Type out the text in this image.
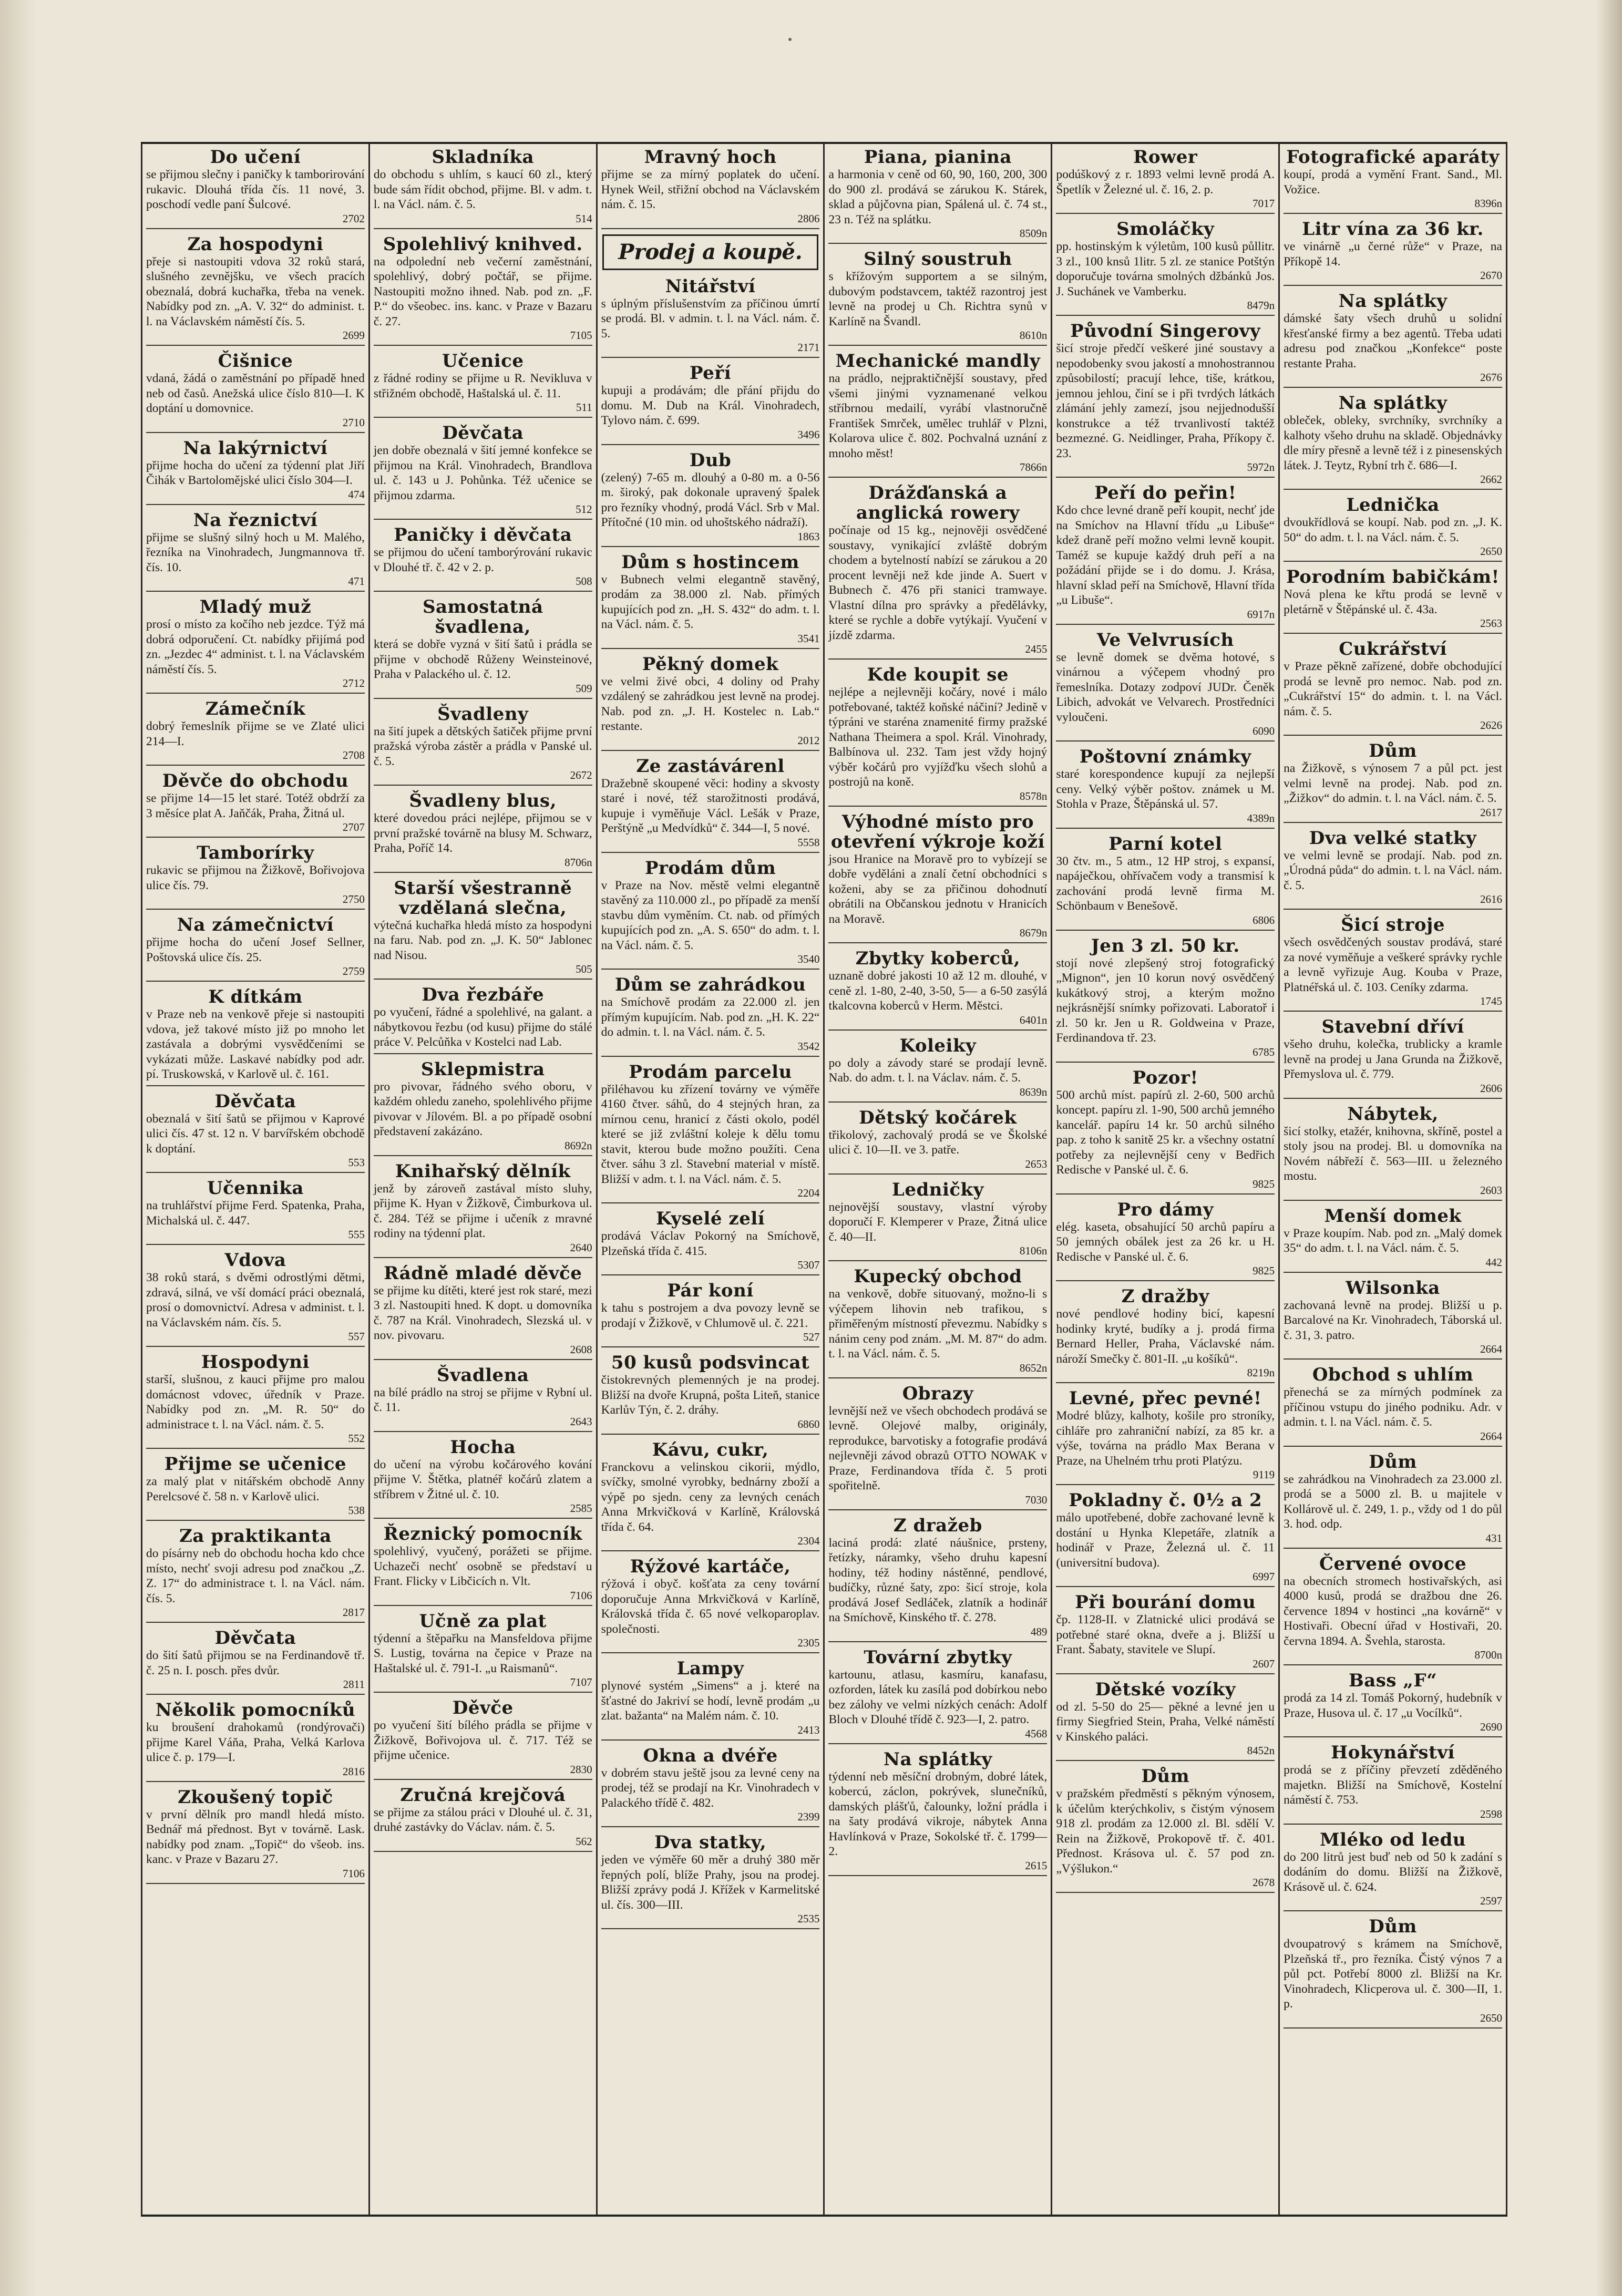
Do učení

se přijmou slečny i paničky k tamborirování rukavic. Dlouhá třída čís. 11 nové, 3. poschodí vedle paní Šulcové.

2702
Za hospodyni

přeje si nastoupiti vdova 32 roků stará, slušného zevnějšku, ve všech pracích obeznalá, dobrá kuchařka, třeba na venek. Nabídky pod zn. „A. V. 32“ do administ. t. l. na Václavském náměstí čís. 5.

2699
Čišnice

vdaná, žádá o zaměstnání po případě hned neb od časů. Anežská ulice číslo 810—I. K doptání u domovnice.

2710
Na lakýrnictví

přijme hocha do učení za týdenní plat Jiří Čihák v Bartolomějské ulici číslo 304—I.

474
Na řeznictví

přijme se slušný silný hoch u M. Malého, řezníka na Vinohradech, Jungmannova tř. čís. 10.

471
Mladý muž

prosí o místo za kočího neb jezdce. Týž má dobrá odporučení. Ct. nabídky přijímá pod zn. „Jezdec 4“ administ. t. l. na Václavském náměstí čís. 5.

2712
Zámečník

dobrý řemeslník přijme se ve Zlaté ulici 214—I.

2708
Děvče do obchodu

se přijme 14—15 let staré. Totéž obdrží za 3 měsíce plat A. Jaňčák, Praha, Žitná ul.

2707
Tamborírky

rukavic se přijmou na Žižkově, Bořivojova ulice čís. 79.

2750
Na zámečnictví

přijme hocha do učení Josef Sellner, Poštovská ulice čís. 25.

2759
K dítkám

v Praze neb na venkově přeje si nastoupiti vdova, jež takové místo již po mnoho let zastávala a dobrými vysvědčeními se vykázati může. Laskavé nabídky pod adr. pí. Truskowská, v Karlově ul. č. 161.

Děvčata

obeznalá v šití šatů se přijmou v Kaprové ulici čís. 47 st. 12 n. V barvířském obchodě k doptání.

553
Učennika

na truhlářství přijme Ferd. Spatenka, Praha, Michalská ul. č. 447.

555
Vdova

38 roků stará, s dvěmi odrostlými dětmi, zdravá, silná, ve vší domácí práci obeznalá, prosí o domovnictví. Adresa v administ. t. l. na Václavském nám. čís. 5.

557
Hospodyni

starší, slušnou, z kauci přijme pro malou domácnost vdovec, úředník v Praze. Nabídky pod zn. „M. R. 50“ do administrace t. l. na Václ. nám. č. 5.

552
Přijme se učenice

za malý plat v nitářském obchodě Anny Perelcsové č. 58 n. v Karlově ulici.

538
Za praktikanta

do písárny neb do obchodu hocha kdo chce místo, nechť svoji adresu pod značkou „Z. Z. 17“ do administrace t. l. na Václ. nám. čís. 5.

2817
Děvčata

do šití šatů přijmou se na Ferdinandově tř. č. 25 n. I. posch. přes dvůr.

2811
Několik pomocníků

ku broušení drahokamů (rondýrovači) přijme Karel Váňa, Praha, Velká Karlova ulice č. p. 179—I.

2816
Zkoušený topič

v první dělník pro mandl hledá místo. Bednář má přednost. Byt v továrně. Lask. nabídky pod znam. „Topič“ do všeob. ins. kanc. v Praze v Bazaru 27.

7106
Skladníka

do obchodu s uhlím, s kaucí 60 zl., který bude sám řídit obchod, přijme. Bl. v adm. t. l. na Václ. nám. č. 5.

514
Spolehlivý knihved.

na odpolední neb večerní zaměstnání, spolehlivý, dobrý počtář, se přijme. Nastoupiti možno ihned. Nab. pod zn. „F. P.“ do všeobec. ins. kanc. v Praze v Bazaru č. 27.

7105
Učenice

z řádné rodiny se přijme u R. Nevikluva v střižném obchodě, Haštalská ul. č. 11.

511
Děvčata

jen dobře obeznalá v šití jemné konfekce se přijmou na Král. Vinohradech, Brandlova ul. č. 143 u J. Pohůnka. Též učenice se přijmou zdarma.

512
Paničky i děvčata

se přijmou do učení tamborýrování rukavic v Dlouhé tř. č. 42 v 2. p.

508
Samostatná švadlena,

která se dobře vyzná v šití šatů i prádla se přijme v obchodě Růženy Weinsteinové, Praha v Palackého ul. č. 12.

509
Švadleny

na šití jupek a dětských šatiček přijme první pražská výroba zástěr a prádla v Panské ul. č. 5.

2672
Švadleny blus,

které dovedou práci nejlépe, přijmou se v první pražské továrně na blusy M. Schwarz, Praha, Poříč 14.

8706n
Starší všestranně vzdělaná slečna,

výtečná kuchařka hledá místo za hospodyni na faru. Nab. pod zn. „J. K. 50“ Jablonec nad Nisou.

505
Dva řezbáře

po vyučení, řádné a spolehlivé, na galant. a nábytkovou řezbu (od kusu) přijme do stálé práce V. Pelcůňka v Kostelci nad Lab.

Sklepmistra

pro pivovar, řádného svého oboru, v každém ohledu zaneho, spolehlivého přijme pivovar v Jílovém. Bl. a po případě osobní představení zakázáno.

8692n
Knihařský dělník

jenž by zároveň zastával místo sluhy, přijme K. Hyan v Žižkově, Čimburkova ul. č. 284. Též se přijme i učeník z mravné rodiny na týdenní plat.

2640
Rádně mladé děvče

se přijme ku dítěti, které jest rok staré, mezi 3 zl. Nastoupiti hned. K dopt. u domovníka č. 787 na Král. Vinohradech, Slezská ul. v nov. pivovaru.

2608
Švadlena

na bílé prádlo na stroj se přijme v Rybní ul. č. 11.

2643
Hocha

do učení na výrobu kočárového kování přijme V. Štětka, platnéř kočárů zlatem a stříbrem v Žitné ul. č. 10.

2585
Řeznický pomocník

spolehlivý, vyučený, porážeti se přijme. Uchazeči nechť osobně se představí u Frant. Flicky v Libčicích n. Vlt.

7106
Učně za plat

týdenní a štěpařku na Mansfeldova přijme S. Lustig, továrna na čepice v Praze na Haštalské ul. č. 791-I. „u Raismanů“.

7107
Děvče

po vyučení šití bílého prádla se přijme v Žižkově, Bořivojova ul. č. 717. Též se přijme učenice.

2830
Zručná krejčová

se přijme za stálou práci v Dlouhé ul. č. 31, druhé zastávky do Václav. nám. č. 5.

562
Mravný hoch

přijme se za mírný poplatek do učení. Hynek Weil, střižní obchod na Václavském nám. č. 15.

2806
Prodej a koupě.
Nitářství

s úplným příslušenstvím za příčinou úmrtí se prodá. Bl. v admin. t. l. na Václ. nám. č. 5.

2171
Peří

kupuji a prodávám; dle přání přijdu do domu. M. Dub na Král. Vinohradech, Tylovo nám. č. 699.

3496
Dub

(zelený) 7-65 m. dlouhý a 0-80 m. a 0-56 m. široký, pak dokonale upravený špalek pro řezníky vhodný, prodá Václ. Srb v Mal. Přítočné (10 min. od uhoštského nádraží).

1863
Dům s hostincem

v Bubnech velmi elegantně stavěný, prodám za 38.000 zl. Nab. přímých kupujících pod zn. „H. S. 432“ do adm. t. l. na Václ. nám. č. 5.

3541
Pěkný domek

ve velmi živé obci, 4 doliny od Prahy vzdálený se zahrádkou jest levně na prodej. Nab. pod zn. „J. H. Kostelec n. Lab.“ restante.

2012
Ze zastávárenl

Dražebně skoupené věci: hodiny a skvosty staré i nové, též starožitnosti prodává, kupuje i vyměňuje Václ. Lešák v Praze, Perštýně „u Medvídků“ č. 344—I, 5 nové.

5558
Prodám dům

v Praze na Nov. městě velmi elegantně stavěný za 110.000 zl., po případě za menší stavbu dům vyměním. Ct. nab. od přímých kupujících pod zn. „A. S. 650“ do adm. t. l. na Václ. nám. č. 5.

3540
Dům se zahrádkou

na Smíchově prodám za 22.000 zl. jen přímým kupujícím. Nab. pod zn. „H. K. 22“ do admin. t. l. na Václ. nám. č. 5.

3542
Prodám parcelu

přiléhavou ku zřízení továrny ve výměře 4160 čtver. sáhů, do 4 stejných hran, za mírnou cenu, hranicí z části okolo, podél které se již zvláštní koleje k dělu tomu stavit, kterou bude možno použíti. Cena čtver. sáhu 3 zl. Stavební material v místě. Bližší v adm. t. l. na Václ. nám. č. 5.

2204
Kyselé zelí

prodává Václav Pokorný na Smíchově, Plzeňská třída č. 415.

5307
Pár koní

k tahu s postrojem a dva povozy levně se prodají v Žižkově, v Chlumově ul. č. 221.

527
50 kusů podsvincat

čistokrevných plemenných je na prodej. Bližší na dvoře Krupná, pošta Liteň, stanice Karlův Týn, č. 2. dráhy.

6860
Kávu, cukr,

Franckovu a velinskou cikorii, mýdlo, svíčky, smolné vyrobky, bednárny zboží a výpě po sjedn. ceny za levných cenách Anna Mrkvičková v Karlíně, Královská třída č. 64.

2304
Rýžové kartáče,

rýžová i obyč. košťata za ceny tovární doporučuje Anna Mrkvičková v Karlíně, Královská třída č. 65 nové velkoparoplav. společnosti.

2305
Lampy

plynové systém „Simens“ a j. které na šťastné do Jakriví se hodí, levně prodám „u zlat. bažanta“ na Malém nám. č. 10.

2413
Okna a dvéře

v dobrém stavu ještě jsou za levné ceny na prodej, též se prodají na Kr. Vinohradech v Palackého třídě č. 482.

2399
Dva statky,

jeden ve výměře 60 měr a druhý 380 měr řepných polí, blíže Prahy, jsou na prodej. Bližší zprávy podá J. Křížek v Karmelitské ul. čís. 300—III.

2535
Piana, pianina

a harmonia v ceně od 60, 90, 160, 200, 300 do 900 zl. prodává se zárukou K. Stárek, sklad a půjčovna pian, Spálená ul. č. 74 st., 23 n. Též na splátku.

8509n
Silný soustruh

s křížovým supportem a se silným, dubovým podstavcem, taktéž razontroj jest levně na prodej u Ch. Richtra synů v Karlíně na Švandl.

8610n
Mechanické mandly

na prádlo, nejpraktičnější soustavy, před všemi jinými vyznamenané velkou stříbrnou medailí, vyrábí vlastnoručně František Smrček, umělec truhlář v Plzni, Kolarova ulice č. 802. Pochvalná uznání z mnoho měst!

7866n
Drážďanská a anglická rowery

počínaje od 15 kg., nejnověji osvědčené soustavy, vynikající zvláště dobrým chodem a bytelností nabízí se zárukou a 20 procent levněji než kde jinde A. Suert v Bubnech č. 476 při stanici tramwaye. Vlastní dílna pro správky a předělávky, které se rychle a dobře vytýkají. Vyučení v jízdě zdarma.

2455
Kde koupit se

nejlépe a nejlevněji kočáry, nové i málo potřebované, taktéž koňské náčiní? Jedině v týpráni ve staréna znamenité firmy pražské Nathana Theimera a spol. Král. Vinohrady, Balbínova ul. 232. Tam jest vždy hojný výběr kočárů pro vyjížďku všech slohů a postrojů na koně.

8578n
Výhodné místo pro otevření výkroje koží

jsou Hranice na Moravě pro to vybízejí se dobře vyděláni a znalí četní obchodníci s koženi, aby se za přičinou dohodnutí obrátili na Občanskou jednotu v Hranicích na Moravě.

8679n
Zbytky koberců,

uznaně dobré jakosti 10 až 12 m. dlouhé, v ceně zl. 1-80, 2-40, 3-50, 5— a 6-50 zasýlá tkalcovna koberců v Herm. Městci.

6401n
Koleiky

po doly a závody staré se prodají levně. Nab. do adm. t. l. na Václav. nám. č. 5.

8639n
Dětský kočárek

třikolový, zachovalý prodá se ve Školské ulici č. 10—II. ve 3. patře.

2653
Ledničky

nejnovější soustavy, vlastní výroby doporučí F. Klemperer v Praze, Žitná ulice č. 40—II.

8106n
Kupecký obchod

na venkově, dobře situovaný, možno-li s výčepem lihovin neb trafikou, s přiměřeným místností převezmu. Nabídky s nánim ceny pod znám. „M. M. 87“ do adm. t. l. na Václ. nám. č. 5.

8652n
Obrazy

levnější než ve všech obchodech prodává se levně. Olejové malby, originály, reprodukce, barvotisky a fotografie prodává nejlevněji závod obrazů OTTO NOWAK v Praze, Ferdinandova třída č. 5 proti spořitelně.

7030
Z dražeb

laciná prodá: zlaté náušnice, prsteny, řetízky, náramky, všeho druhu kapesní hodiny, též hodiny nástěnné, pendlové, budíčky, různé šaty, zpo: šicí stroje, kola prodává Josef Sedláček, zlatník a hodinář na Smíchově, Kinského tř. č. 278.

489
Tovární zbytky

kartounu, atlasu, kasmíru, kanafasu, ozforden, látek ku zasílá pod dobírkou nebo bez zálohy ve velmi nízkých cenách: Adolf Bloch v Dlouhé třídě č. 923—I, 2. patro.

4568
Na splátky

týdenní neb měsíční drobným, dobré látek, kobercú, záclon, pokrývek, slunečníků, damských plášťů, čalounky, ložní prádla i na šaty prodává vikroje, nábytek Anna Havlínková v Praze, Sokolské tř. č. 1799—2.

2615
Rower

podúškový z r. 1893 velmi levně prodá A. Špetlík v Železné ul. č. 16, 2. p.

7017
Smoláčky

pp. hostinským k výletům, 100 kusů půllitr. 3 zl., 100 knsů 1litr. 5 zl. ze stanice Potštýn doporučuje továrna smolných džbánků Jos. J. Suchánek ve Vamberku.

8479n
Původní Singerovy

šicí stroje předčí veškeré jiné soustavy a nepodobenky svou jakostí a mnohostrannou způsobilostí; pracují lehce, tiše, krátkou, jemnou jehlou, činí se i při tvrdých látkách zlámání jehly zamezí, jsou nejjednodušší konstrukce a též trvanlivostí taktéž bezmezné. G. Neidlinger, Praha, Příkopy č. 23.

5972n
Peří do peřin!

Kdo chce levné draně peří koupit, nechť jde na Smíchov na Hlavní třídu „u Libuše“ kdež draně peří možno velmi levně koupit. Taméž se kupuje každý druh peří a na požádání přijde se i do domu. J. Krása, hlavní sklad peří na Smíchově, Hlavní třída „u Libuše“.

6917n
Ve Velvrusích

se levně domek se dvěma hotové, s vinárnou a výčepem vhodný pro řemeslníka. Dotazy zodpoví JUDr. Čeněk Libich, advokát ve Velvarech. Prostředníci vyloučeni.

6090
Poštovní známky

staré korespondence kupují za nejlepší ceny. Velký výběr poštov. známek u M. Stohla v Praze, Štěpánská ul. 57.

4389n
Parní kotel

30 čtv. m., 5 atm., 12 HP stroj, s expansí, napáječkou, ohřívačem vody a transmisí k zachování prodá levně firma M. Schönbaum v Benešově.

6806
Jen 3 zl. 50 kr.

stojí nové zlepšený stroj fotografický „Mignon“, jen 10 korun nový osvědčený kukátkový stroj, a kterým možno nejkrásnější snímky pořizovati. Laboratoř i zl. 50 kr. Jen u R. Goldweina v Praze, Ferdinandova tř. 23.

6785
Pozor!

500 archů míst. papírů zl. 2-60, 500 archů koncept. papíru zl. 1-90, 500 archů jemného kancelář. papíru 14 kr. 50 archů silného pap. z toho k sanitě 25 kr. a všechny ostatní potřeby za nejlevnější ceny v Bedřich Redische v Panské ul. č. 6.

9825
Pro dámy

elég. kaseta, obsahující 50 archů papíru a 50 jemných obálek jest za 26 kr. u H. Redische v Panské ul. č. 6.

9825
Z dražby

nové pendlové hodiny bicí, kapesní hodinky kryté, budíky a j. prodá firma Bernard Heller, Praha, Václavské nám. nároží Smečky č. 801-II. „u košíků“.

8219n
Levné, přec pevné!

Modré blůzy, kalhoty, košile pro stroníky, cihláře pro zahraniční nabízí, za 85 kr. a výše, továrna na prádlo Max Berana v Praze, na Uhelném trhu proti Platýzu.

9119
Pokladny č. 0½ a 2

málo upotřebené, dobře zachované levně k dostání u Hynka Klepetáře, zlatník a hodinář v Praze, Železná ul. č. 11 (universitní budova).

6997
Při bourání domu

čp. 1128-II. v Zlatnické ulici prodává se potřebné staré okna, dveře a j. Bližší u Frant. Šabaty, stavitele ve Slupí.

2607
Dětské vozíky

od zl. 5-50 do 25— pěkné a levné jen u firmy Siegfried Stein, Praha, Velké náměstí v Kinského paláci.

8452n
Dům

v pražském předměstí s pěkným výnosem, k účelům kterýchkoliv, s čistým výnosem 918 zl. prodám za 12.000 zl. Bl. sdělí V. Rein na Žižkově, Prokopově tř. č. 401. Přednost. Krásova ul. č. 57 pod zn. „Výšlukon.“

2678
Fotografické aparáty

koupí, prodá a vymění Frant. Sand., Ml. Vožice.

8396n
Litr vína za 36 kr.

ve vinárně „u černé růže“ v Praze, na Příkopě 14.

2670
Na splátky

dámské šaty všech druhů u solidní křesťanské firmy a bez agentů. Třeba udati adresu pod značkou „Konfekce“ poste restante Praha.

2676
Na splátky

obleček, obleky, svrchníky, svrchníky a kalhoty všeho druhu na skladě. Objednávky dle míry přesně a levně též i z pinesenských látek. J. Teytz, Rybní trh č. 686—I.

2662
Lednička

dvoukřídlová se koupí. Nab. pod zn. „J. K. 50“ do adm. t. l. na Václ. nám. č. 5.

2650
Porodním babičkám!

Nová plena ke křtu prodá se levně v pletárně v Štěpánské ul. č. 43a.

2563
Cukrářství

v Praze pěkně zařízené, dobře obchodující prodá se levně pro nemoc. Nab. pod zn. „Cukrářství 15“ do admin. t. l. na Václ. nám. č. 5.

2626
Dům

na Žižkově, s výnosem 7 a půl pct. jest velmi levně na prodej. Nab. pod zn. „Žižkov“ do admin. t. l. na Václ. nám. č. 5.

2617
Dva velké statky

ve velmi levně se prodají. Nab. pod zn. „Úrodná půda“ do admin. t. l. na Václ. nám. č. 5.

2616
Šicí stroje

všech osvědčených soustav prodává, staré za nové vyměňuje a veškeré správky rychle a levně vyřizuje Aug. Kouba v Praze, Platnéřská ul. č. 103. Ceníky zdarma.

1745
Stavební dříví

všeho druhu, kolečka, trublicky a kramle levně na prodej u Jana Grunda na Žižkově, Přemyslova ul. č. 779.

2606
Nábytek,

šicí stolky, etažér, knihovna, skříně, postel a stoly jsou na prodej. Bl. u domovníka na Novém nábřeží č. 563—III. u železného mostu.

2603
Menší domek

v Praze koupím. Nab. pod zn. „Malý domek 35“ do adm. t. l. na Václ. nám. č. 5.

442
Wilsonka

zachovaná levně na prodej. Bližší u p. Barcalové na Kr. Vinohradech, Táborská ul. č. 31, 3. patro.

2664
Obchod s uhlím

přenechá se za mírných podmínek za příčinou vstupu do jiného podniku. Adr. v admin. t. l. na Václ. nám. č. 5.

2664
Dům

se zahrádkou na Vinohradech za 23.000 zl. prodá se a 5000 zl. B. u majitele v Kollárově ul. č. 249, 1. p., vždy od 1 do půl 3. hod. odp.

431
Červené ovoce

na obecních stromech hostivařských, asi 4000 kusů, prodá se dražbou dne 26. července 1894 v hostinci „na kovárně“ v Hostivaři. Obecní úřad v Hostivaři, 20. června 1894. A. Švehla, starosta.

8700n
Bass „F“

prodá za 14 zl. Tomáš Pokorný, hudebník v Praze, Husova ul. č. 17 „u Vocílků“.

2690
Hokynářství

prodá se z příčiny převzetí zděděného majetkn. Bližší na Smíchově, Kostelní náměstí č. 753.

2598
Mléko od ledu

do 200 litrů jest buď neb od 50 k zadání s dodáním do domu. Bližší na Žižkově, Krásově ul. č. 624.

2597
Dům

dvoupatrový s krámem na Smíchově, Plzeňská tř., pro řezníka. Čistý výnos 7 a půl pct. Potřebí 8000 zl. Bližší na Kr. Vinohradech, Klicperova ul. č. 300—II, 1. p.

2650
